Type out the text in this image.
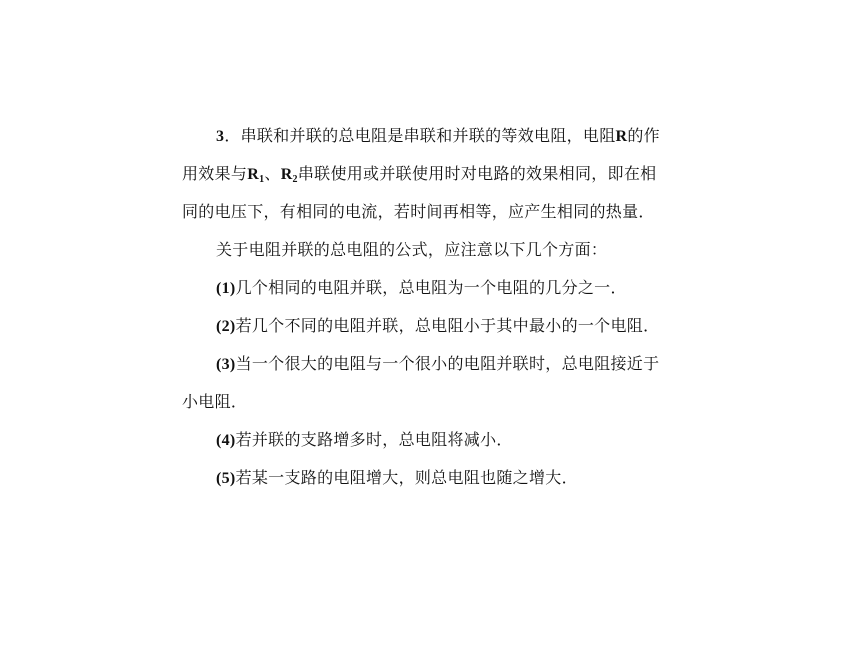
3．串联和并联的总电阻是串联和并联的等效电阻，电阻R的作
用效果与$R_1$、$R_2$串联使用或并联使用时对电路的效果相同，即在相
同的电压下，有相同的电流，若时间再相等，应产生相同的热量．
关于电阻并联的总电阻的公式，应注意以下几个方面：
(1)几个相同的电阻并联，总电阻为一个电阻的几分之一．
(2)若几个不同的电阻并联，总电阻小于其中最小的一个电阻．
(3)当一个很大的电阻与一个很小的电阻并联时，总电阻接近于
小电阻．
(4)若并联的支路增多时，总电阻将减小．
(5)若某一支路的电阻增大，则总电阻也随之增大．
